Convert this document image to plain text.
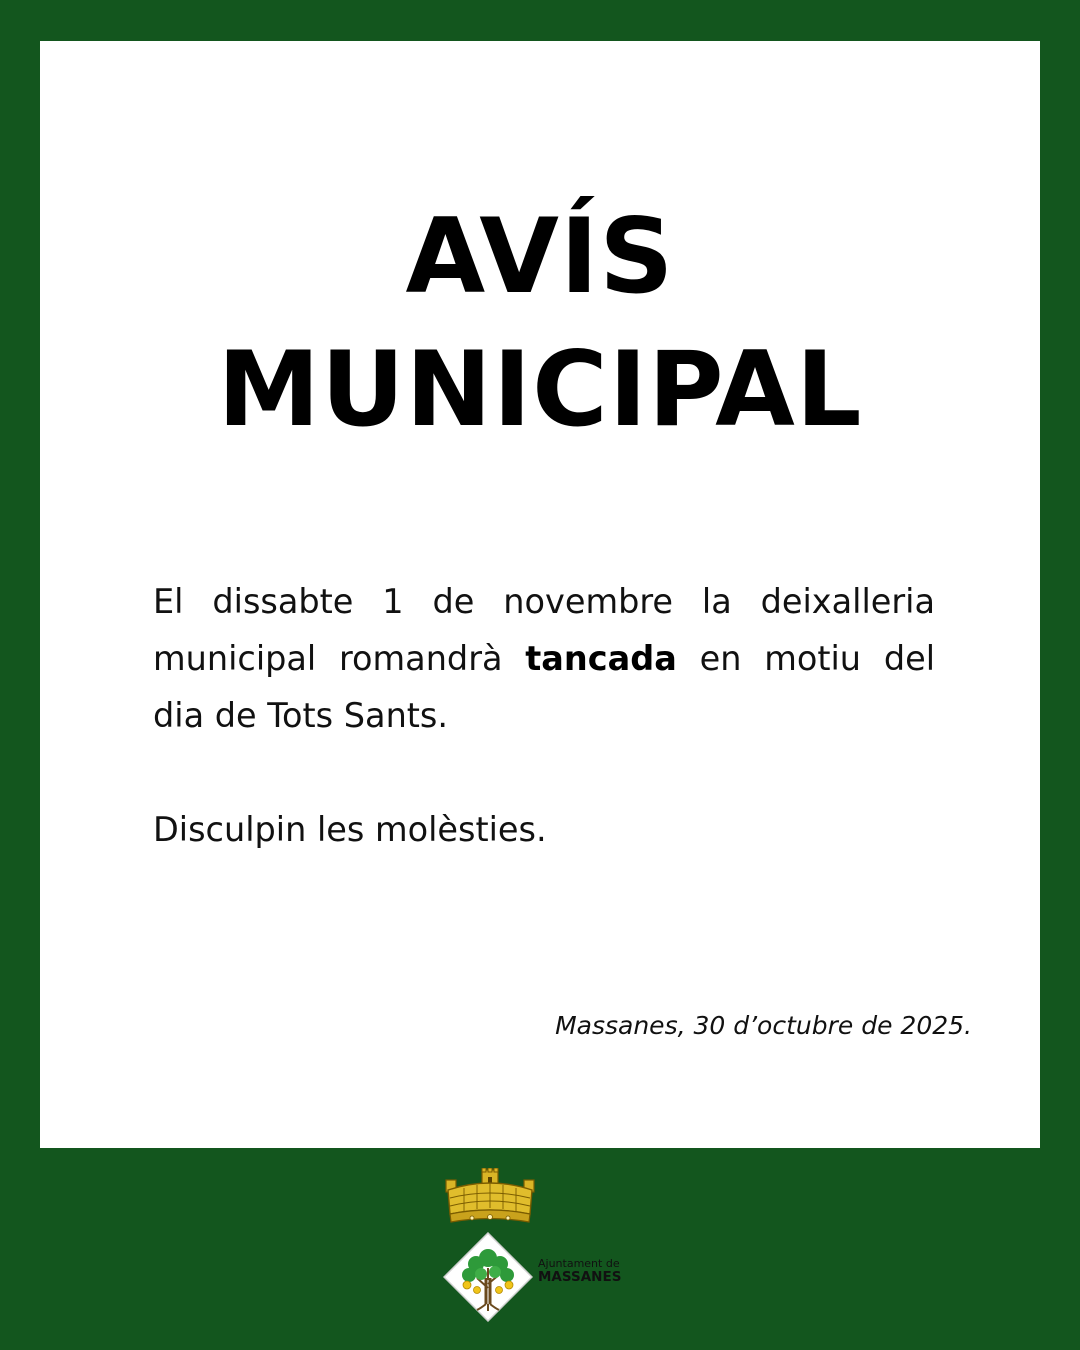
AVÍS
MUNICIPAL

El dissabte 1 de novembre la deixalleria municipal romandrà tancada en motiu del dia de Tots Sants.

Disculpin les molèsties.

Massanes, 30 d’octubre de 2025.

Ajuntament de
MASSANES
